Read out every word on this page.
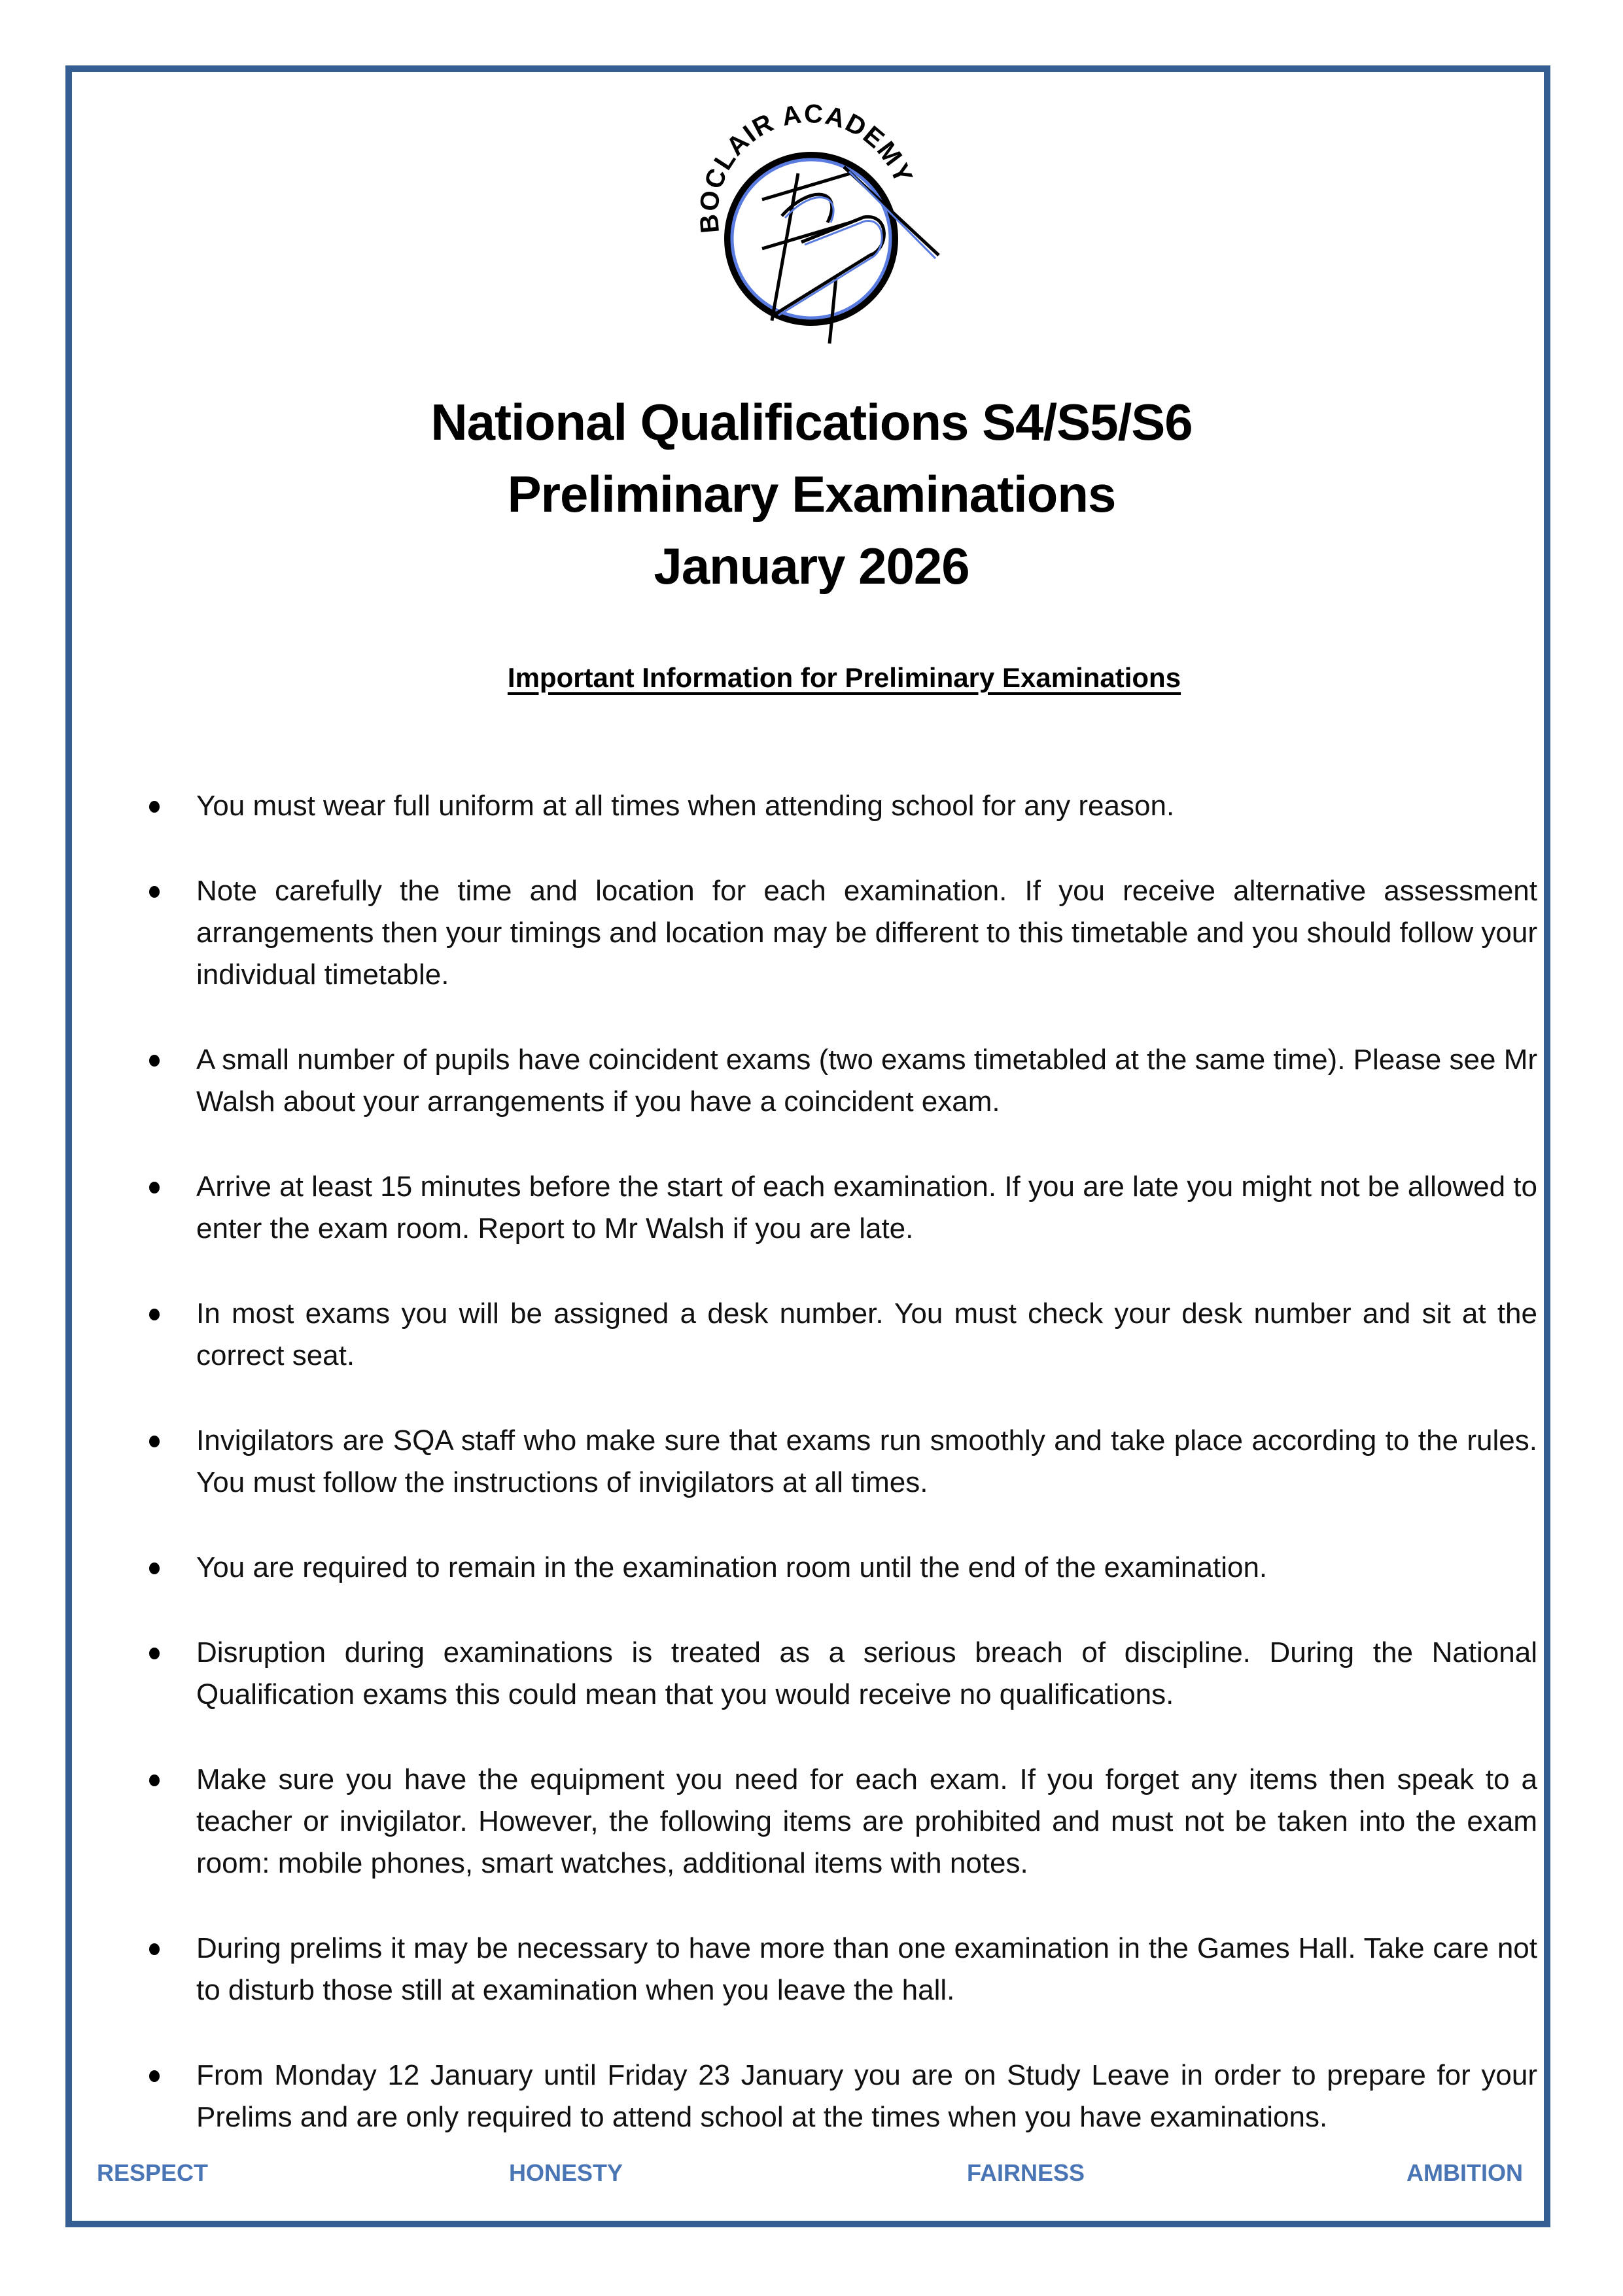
BOCLAIR ACADEMY
National Qualifications S4/S5/S6
Preliminary Examinations
January 2026
Important Information for Preliminary Examinations
You must wear full uniform at all times when attending school for any reason.
Note carefully the time and location for each examination. If you receive alternative assessment arrangements then your timings and location may be different to this timetable and you should follow your individual timetable.
A small number of pupils have coincident exams (two exams timetabled at the same time). Please see Mr Walsh about your arrangements if you have a coincident exam.
Arrive at least 15 minutes before the start of each examination. If you are late you might not be allowed to enter the exam room. Report to Mr Walsh if you are late.
In most exams you will be assigned a desk number. You must check your desk number and sit at the correct seat.
Invigilators are SQA staff who make sure that exams run smoothly and take place according to the rules. You must follow the instructions of invigilators at all times.
You are required to remain in the examination room until the end of the examination.
Disruption during examinations is treated as a serious breach of discipline. During the National Qualification exams this could mean that you would receive no qualifications.
Make sure you have the equipment you need for each exam. If you forget any items then speak to a teacher or invigilator. However, the following items are prohibited and must not be taken into the exam room: mobile phones, smart watches, additional items with notes.
During prelims it may be necessary to have more than one examination in the Games Hall. Take care not to disturb those still at examination when you leave the hall.
From Monday 12 January until Friday 23 January you are on Study Leave in order to prepare for your Prelims and are only required to attend school at the times when you have examinations.
RESPECT	HONESTY	FAIRNESS	AMBITION
